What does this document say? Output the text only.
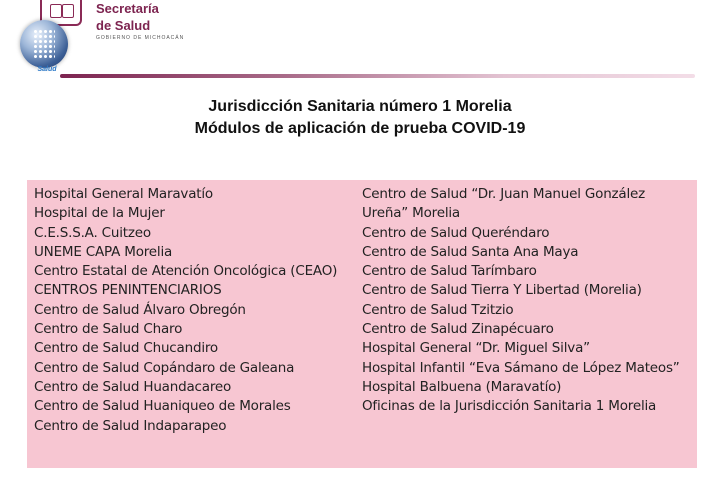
Secretaría
de Salud
GOBIERNO DE MICHOACÁN
Salud
Jurisdicción Sanitaria número 1 Morelia
Módulos de aplicación de prueba COVID-19
Hospital General Maravatío
Hospital de la Mujer
C.E.S.S.A. Cuitzeo
UNEME CAPA Morelia
Centro Estatal de Atención Oncológica (CEAO)
CENTROS PENINTENCIARIOS
Centro de Salud Álvaro Obregón
Centro de Salud Charo
Centro de Salud Chucandiro
Centro de Salud Copándaro de Galeana
Centro de Salud Huandacareo
Centro de Salud Huaniqueo de Morales
Centro de Salud Indaparapeo
Centro de Salud “Dr. Juan Manuel González
Ureña” Morelia
Centro de Salud Queréndaro
Centro de Salud Santa Ana Maya
Centro de Salud Tarímbaro
Centro de Salud Tierra Y Libertad (Morelia)
Centro de Salud Tzitzio
Centro de Salud Zinapécuaro
Hospital General “Dr. Miguel Silva”
Hospital Infantil “Eva Sámano de López Mateos”
Hospital Balbuena (Maravatío)
Oficinas de la Jurisdicción Sanitaria 1 Morelia
